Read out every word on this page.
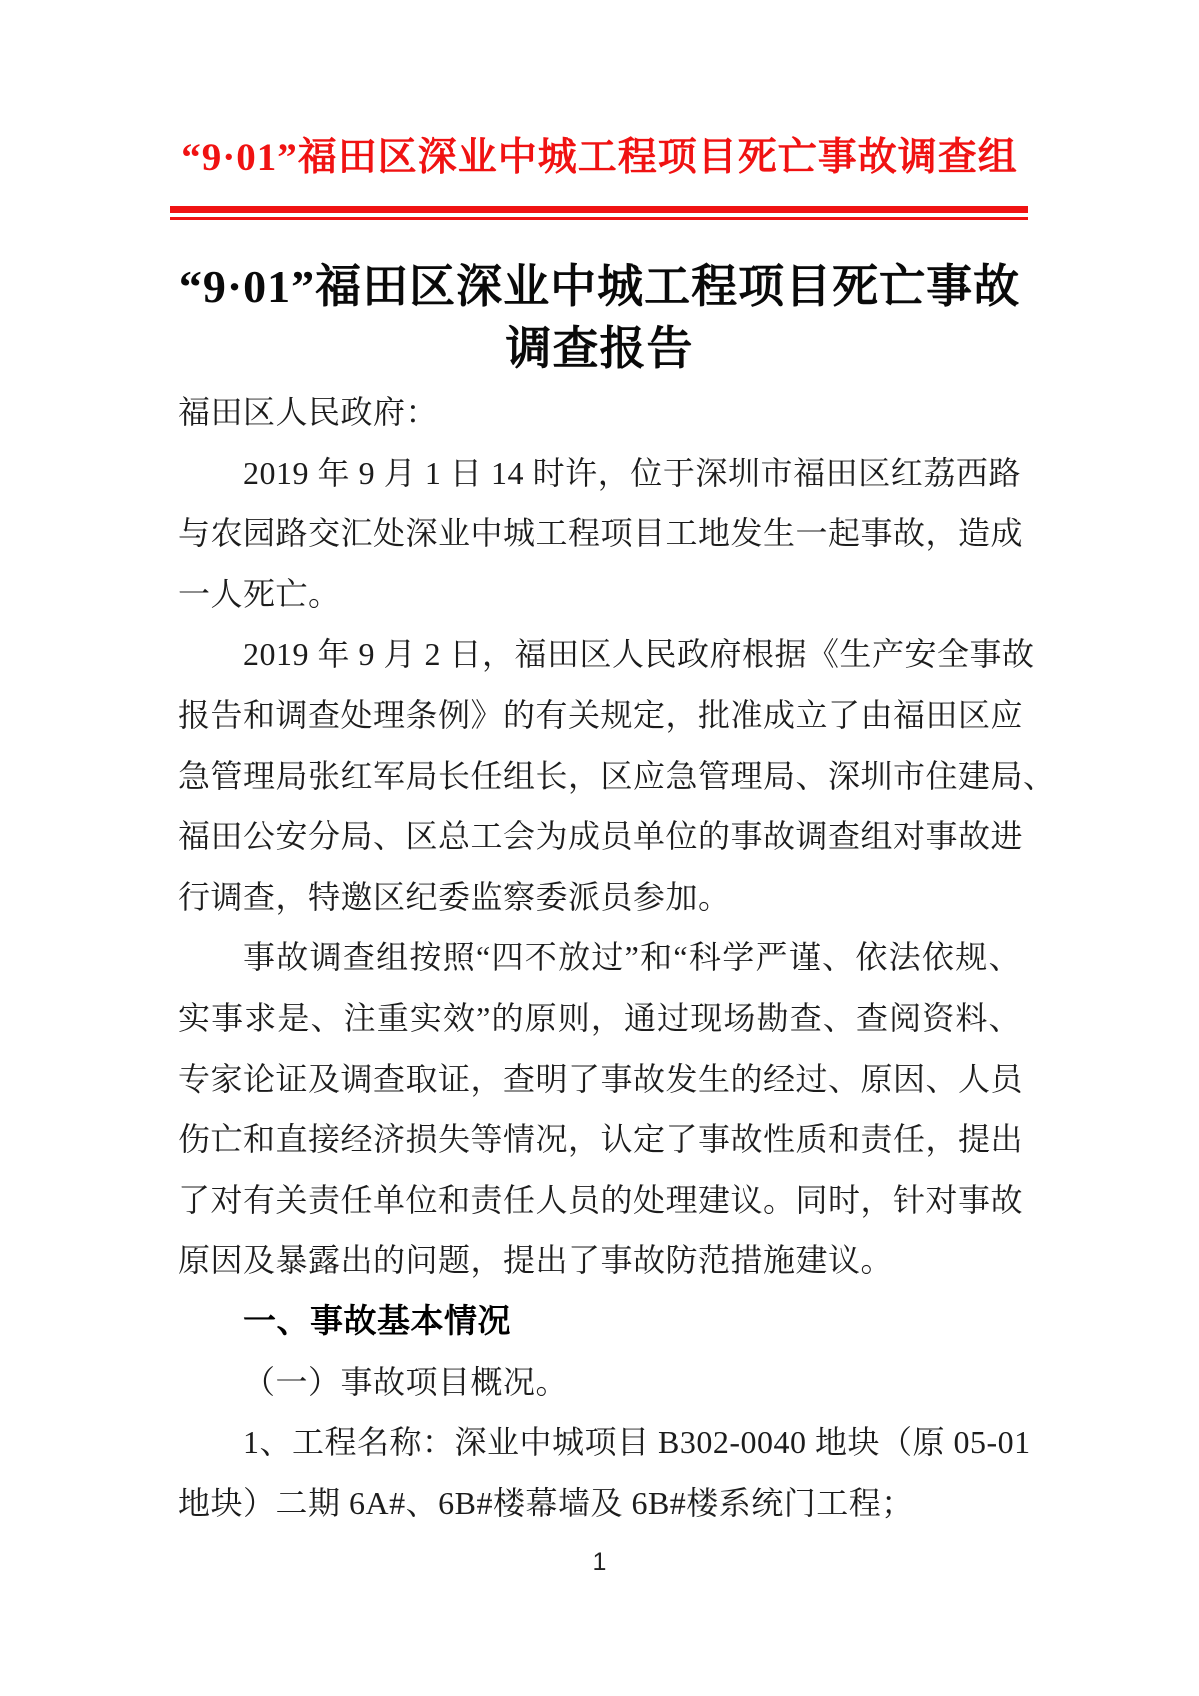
“9·01”福田区深业中城工程项目死亡事故调查组
“9·01”福田区深业中城工程项目死亡事故
调查报告
福田区人民政府：
2019 年 9 月 1 日 14 时许，位于深圳市福田区红荔西路
与农园路交汇处深业中城工程项目工地发生一起事故，造成
一人死亡。
2019 年 9 月 2 日，福田区人民政府根据《生产安全事故
报告和调查处理条例》的有关规定，批准成立了由福田区应
急管理局张红军局长任组长，区应急管理局、深圳市住建局、
福田公安分局、区总工会为成员单位的事故调查组对事故进
行调查，特邀区纪委监察委派员参加。
事故调查组按照“四不放过”和“科学严谨、依法依规、
实事求是、注重实效”的原则，通过现场勘查、查阅资料、
专家论证及调查取证，查明了事故发生的经过、原因、人员
伤亡和直接经济损失等情况，认定了事故性质和责任，提出
了对有关责任单位和责任人员的处理建议。同时，针对事故
原因及暴露出的问题，提出了事故防范措施建议。
一、事故基本情况
（一）事故项目概况。
1、工程名称：深业中城项目 B302-0040 地块（原 05-01
地块）二期 6A#、6B#楼幕墙及 6B#楼系统门工程；
1
